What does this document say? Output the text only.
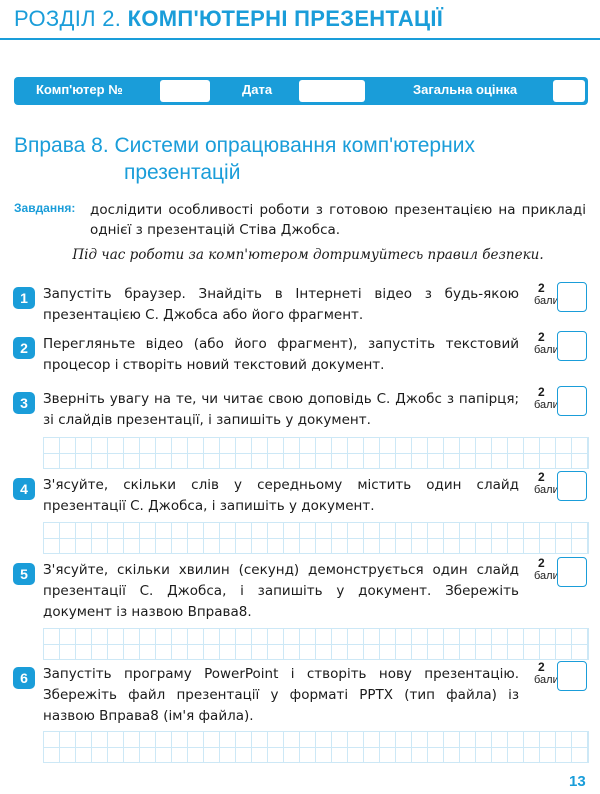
РОЗДІЛ 2. КОМП'ЮТЕРНІ ПРЕЗЕНТАЦІЇ
Комп'ютер №	Дата	Загальна оцінка
Вправа 8. Системи опрацювання комп'ютерних
презентацій
Завдання: дослідити особливості роботи з готовою презентацією на прикладі однієї з презентацій Стіва Джобса.
Під час роботи за комп'ютером дотримуйтесь правил безпеки.
1	Запустіть браузер. Знайдіть в Інтернеті відео з будь-якою презентацією С. Джобса або його фрагмент.
2
бали
2	Перегляньте відео (або його фрагмент), запустіть текстовий процесор і створіть новий текстовий документ.
2
бали
3	Зверніть увагу на те, чи читає свою доповідь С. Джобс з папірця; зі слайдів презентації, і запишіть у документ.
2
бали
4	З'ясуйте, скільки слів у середньому містить один слайд презентації С. Джобса, і запишіть у документ.
2
бали
5	З'ясуйте, скільки хвилин (секунд) демонструється один слайд презентації С. Джобса, і запишіть у документ. Збережіть документ із назвою Вправа8.
2
бали
6	Запустіть програму PowerPoint і створіть нову презентацію. Збережіть файл презентації у форматі PPTX (тип файла) із назвою Вправа8 (ім'я файла).
2
бали
13
